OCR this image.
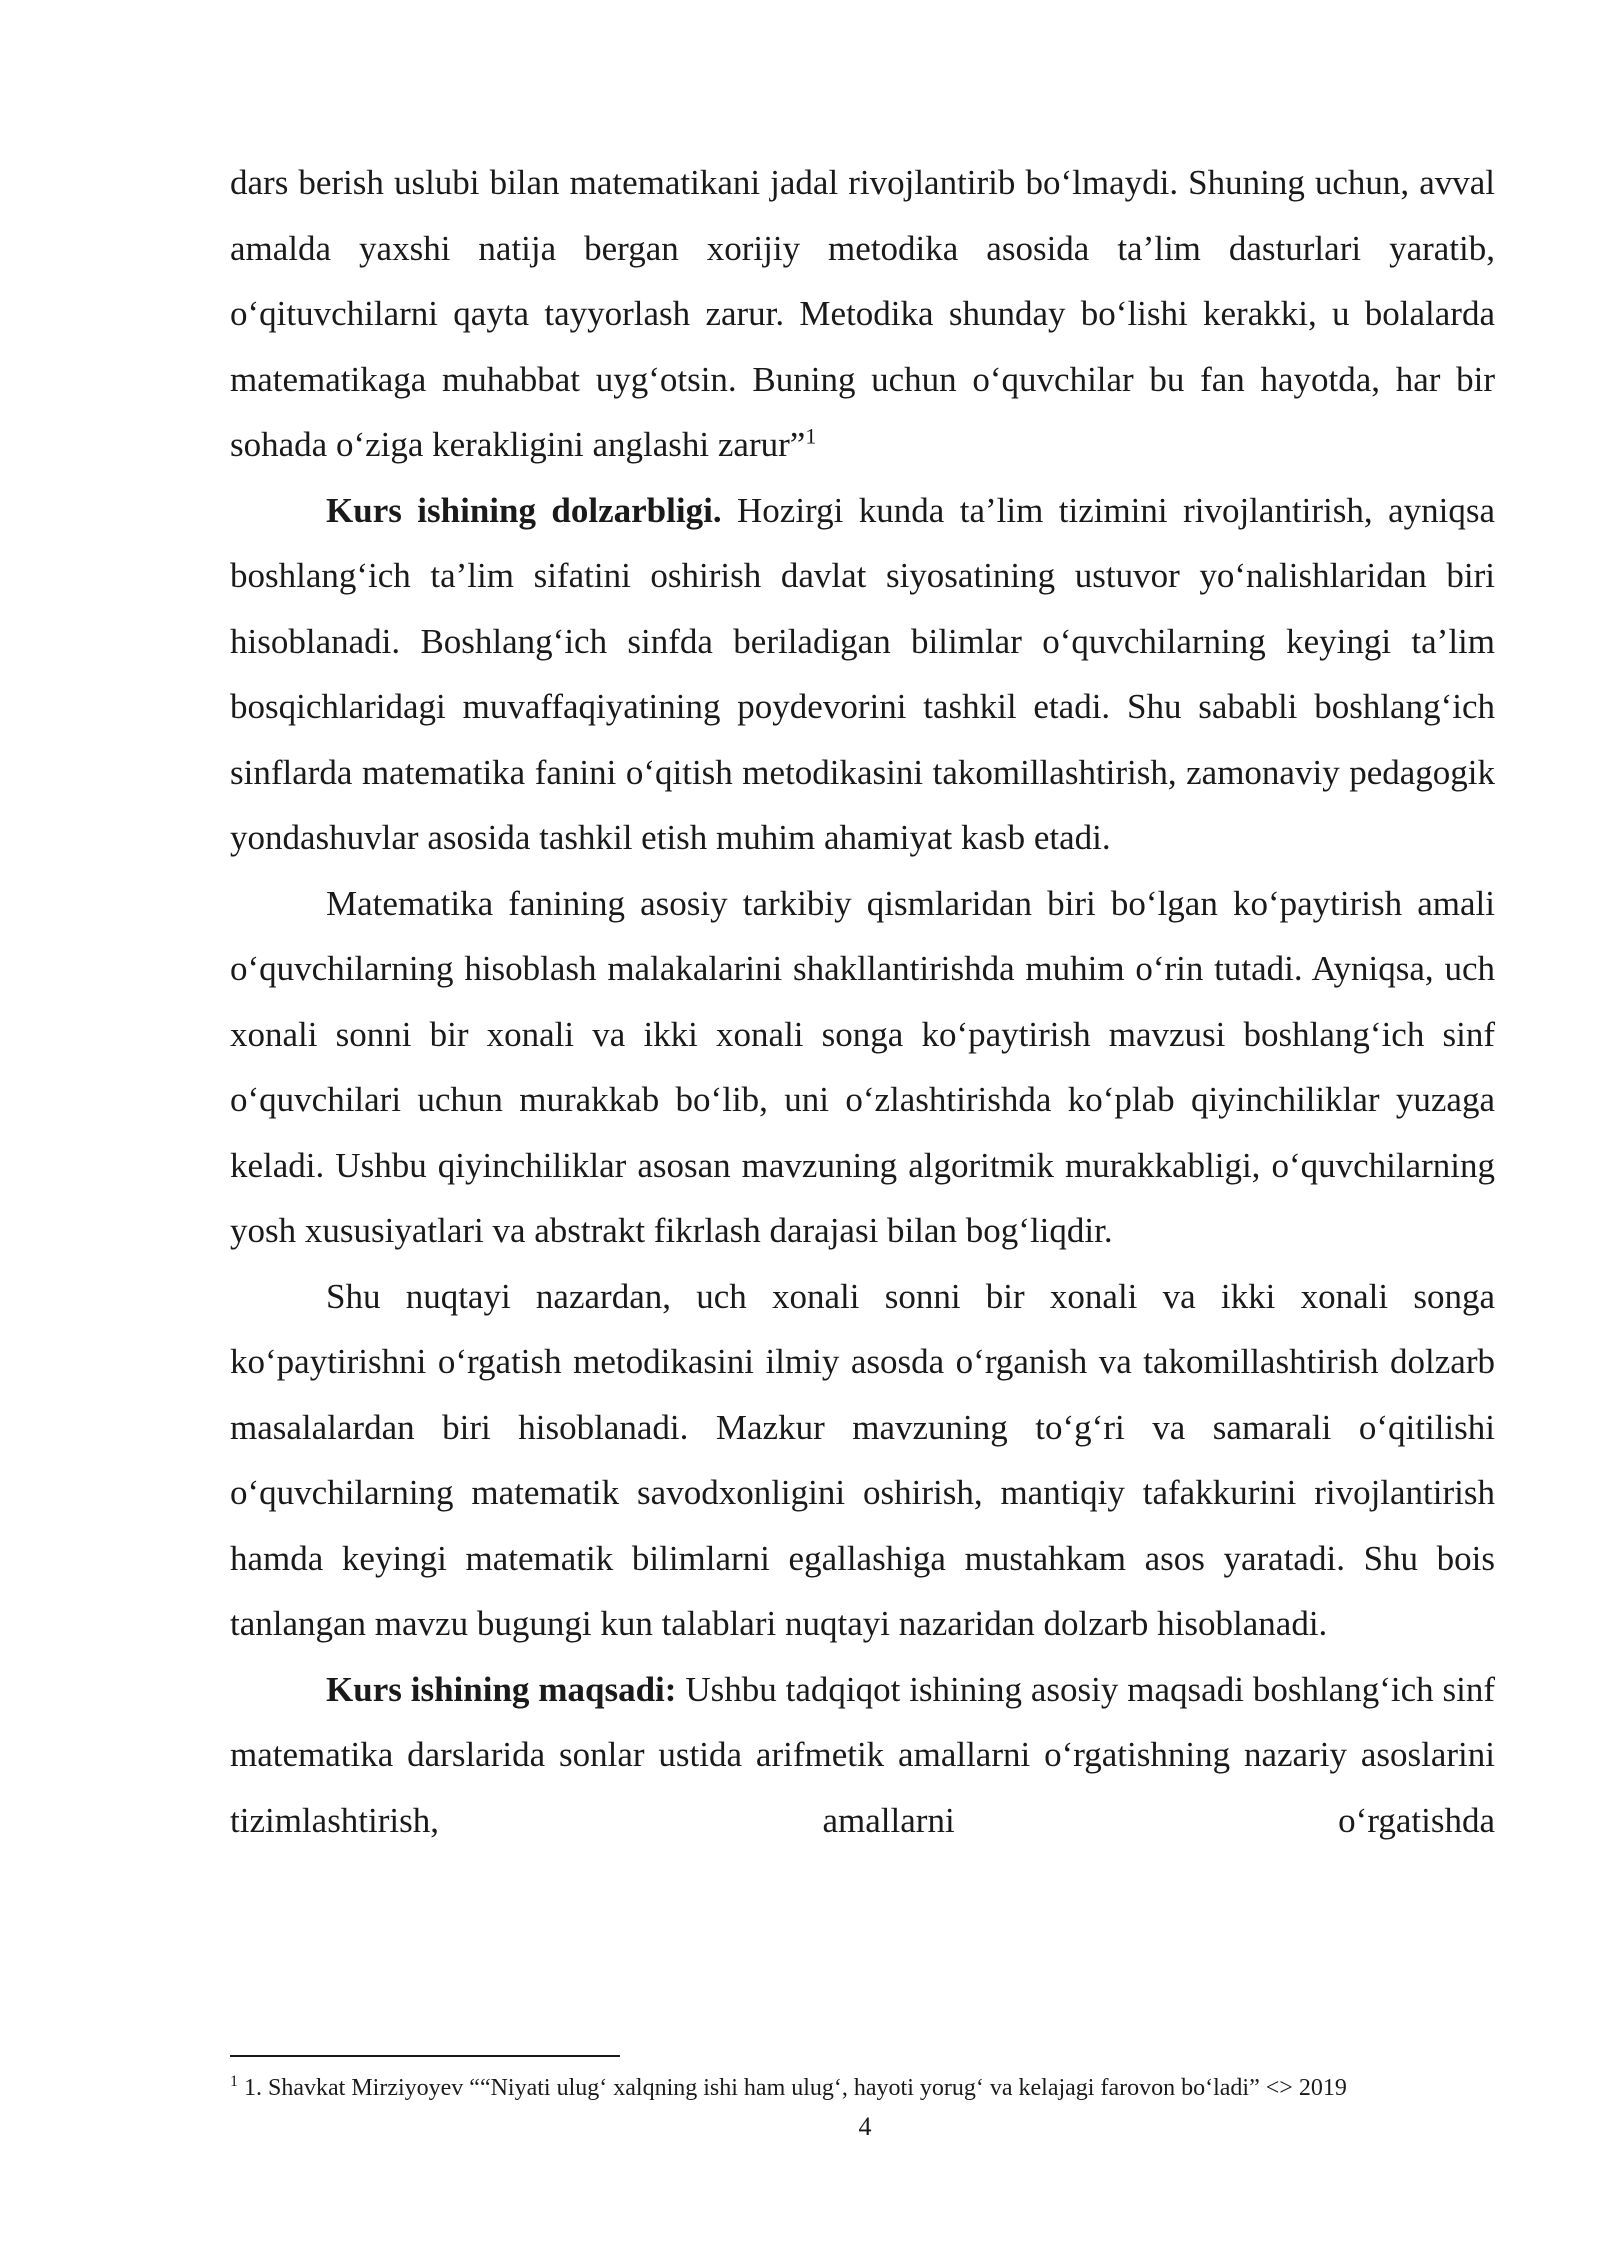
dars berish uslubi bilan matematikani jadal rivojlantirib bo‘lmaydi. Shuning uchun, avval amalda yaxshi natija bergan xorijiy metodika asosida ta’lim dasturlari yaratib, o‘qituvchilarni qayta tayyorlash zarur. Metodika shunday bo‘lishi kerakki, u bolalarda matematikaga muhabbat uyg‘otsin. Buning uchun o‘quvchilar bu fan hayotda, har bir sohada o‘ziga kerakligini anglashi zarur”$^1$

Kurs ishining dolzarbligi. Hozirgi kunda ta’lim tizimini rivojlantirish, ayniqsa boshlang‘ich ta’lim sifatini oshirish davlat siyosatining ustuvor yo‘nalishlaridan biri hisoblanadi. Boshlang‘ich sinfda beriladigan bilimlar o‘quvchilarning keyingi ta’lim bosqichlaridagi muvaffaqiyatining poydevorini tashkil etadi. Shu sababli boshlang‘ich sinflarda matematika fanini o‘qitish metodikasini takomillashtirish, zamonaviy pedagogik yondashuvlar asosida tashkil etish muhim ahamiyat kasb etadi.

Matematika fanining asosiy tarkibiy qismlaridan biri bo‘lgan ko‘paytirish amali o‘quvchilarning hisoblash malakalarini shakllantirishda muhim o‘rin tutadi. Ayniqsa, uch xonali sonni bir xonali va ikki xonali songa ko‘paytirish mavzusi boshlang‘ich sinf o‘quvchilari uchun murakkab bo‘lib, uni o‘zlashtirishda ko‘plab qiyinchiliklar yuzaga keladi. Ushbu qiyinchiliklar asosan mavzuning algoritmik murakkabligi, o‘quvchilarning yosh xususiyatlari va abstrakt fikrlash darajasi bilan bog‘liqdir.

Shu nuqtayi nazardan, uch xonali sonni bir xonali va ikki xonali songa ko‘paytirishni o‘rgatish metodikasini ilmiy asosda o‘rganish va takomillashtirish dolzarb masalalardan biri hisoblanadi. Mazkur mavzuning to‘g‘ri va samarali o‘qitilishi o‘quvchilarning matematik savodxonligini oshirish, mantiqiy tafakkurini rivojlantirish hamda keyingi matematik bilimlarni egallashiga mustahkam asos yaratadi. Shu bois tanlangan mavzu bugungi kun talablari nuqtayi nazaridan dolzarb hisoblanadi.

Kurs ishining maqsadi: Ushbu tadqiqot ishining asosiy maqsadi boshlang‘ich sinf matematika darslarida sonlar ustida arifmetik amallarni o‘rgatishning nazariy asoslarini tizimlashtirish, amallarni o‘rgatishda

$^1$ 1. Shavkat Mirziyoyev ““Niyati ulug‘ xalqning ishi ham ulug‘, hayoti yorug‘ va kelajagi farovon bo‘ladi” <> 2019
4
